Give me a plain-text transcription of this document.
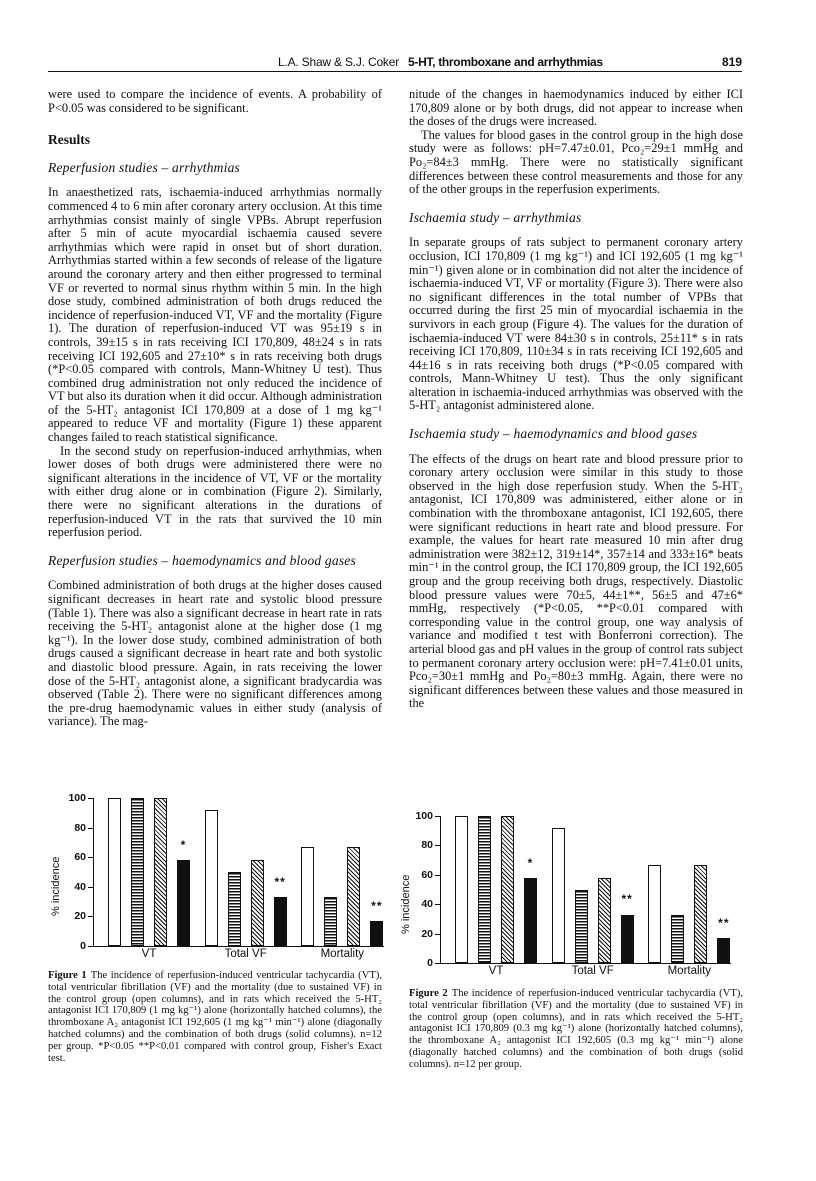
L.A. Shaw & S.J. Coker 5-HT, thromboxane and arrhythmias	819

were used to compare the incidence of events. A probability of P<0.05 was considered to be significant.

Results
Reperfusion studies – arrhythmias

In anaesthetized rats, ischaemia-induced arrhythmias normally commenced 4 to 6 min after coronary artery occlusion. At this time arrhythmias consist mainly of single VPBs. Abrupt reperfusion after 5 min of acute myocardial ischaemia caused severe arrhythmias which were rapid in onset but of short duration. Arrhythmias started within a few seconds of release of the ligature around the coronary artery and then either progressed to terminal VF or reverted to normal sinus rhythm within 5 min. In the high dose study, combined administration of both drugs reduced the incidence of reperfusion-induced VT, VF and the mortality (Figure 1). The duration of reperfusion-induced VT was 95±19 s in controls, 39±15 s in rats receiving ICI 170,809, 48±24 s in rats receiving ICI 192,605 and 27±10* s in rats receiving both drugs (*P<0.05 compared with controls, Mann-Whitney U test). Thus combined drug administration not only reduced the incidence of VT but also its duration when it did occur. Although administration of the 5-HT₂ antagonist ICI 170,809 at a dose of 1 mg kg⁻¹ appeared to reduce VF and mortality (Figure 1) these apparent changes failed to reach statistical significance.

In the second study on reperfusion-induced arrhythmias, when lower doses of both drugs were administered there were no significant alterations in the incidence of VT, VF or the mortality with either drug alone or in combination (Figure 2). Similarly, there were no significant alterations in the durations of reperfusion-induced VT in the rats that survived the 10 min reperfusion period.

Reperfusion studies – haemodynamics and blood gases

Combined administration of both drugs at the higher doses caused significant decreases in heart rate and systolic blood pressure (Table 1). There was also a significant decrease in heart rate in rats receiving the 5-HT₂ antagonist alone at the higher dose (1 mg kg⁻¹). In the lower dose study, combined administration of both drugs caused a significant decrease in heart rate and both systolic and diastolic blood pressure. Again, in rats receiving the lower dose of the 5-HT₂ antagonist alone, a significant bradycardia was observed (Table 2). There were no significant differences among the pre-drug haemodynamic values in either study (analysis of variance). The mag-

nitude of the changes in haemodynamics induced by either ICI 170,809 alone or by both drugs, did not appear to increase when the doses of the drugs were increased.

The values for blood gases in the control group in the high dose study were as follows: pH=7.47±0.01, Pco₂=29±1 mmHg and Po₂=84±3 mmHg. There were no statistically significant differences between these control measurements and those for any of the other groups in the reperfusion experiments.

Ischaemia study – arrhythmias

In separate groups of rats subject to permanent coronary artery occlusion, ICI 170,809 (1 mg kg⁻¹) and ICI 192,605 (1 mg kg⁻¹ min⁻¹) given alone or in combination did not alter the incidence of ischaemia-induced VT, VF or mortality (Figure 3). There were also no significant differences in the total number of VPBs that occurred during the first 25 min of myocardial ischaemia in the survivors in each group (Figure 4). The values for the duration of ischaemia-induced VT were 84±30 s in controls, 25±11* s in rats receiving ICI 170,809, 110±34 s in rats receiving ICI 192,605 and 44±16 s in rats receiving both drugs (*P<0.05 compared with controls, Mann-Whitney U test). Thus the only significant alteration in ischaemia-induced arrhythmias was observed with the 5-HT₂ antagonist administered alone.

Ischaemia study – haemodynamics and blood gases

The effects of the drugs on heart rate and blood pressure prior to coronary artery occlusion were similar in this study to those observed in the high dose reperfusion study. When the 5-HT₂ antagonist, ICI 170,809 was administered, either alone or in combination with the thromboxane antagonist, ICI 192,605, there were significant reductions in heart rate and blood pressure. For example, the values for heart rate measured 10 min after drug administration were 382±12, 319±14*, 357±14 and 333±16* beats min⁻¹ in the control group, the ICI 170,809 group, the ICI 192,605 group and the group receiving both drugs, respectively. Diastolic blood pressure values were 70±5, 44±1**, 56±5 and 47±6* mmHg, respectively (*P<0.05, **P<0.01 compared with corresponding value in the control group, one way analysis of variance and modified t test with Bonferroni correction). The arterial blood gas and pH values in the group of control rats subject to permanent coronary artery occlusion were: pH=7.41±0.01 units, Pco₂=30±1 mmHg and Po₂=80±3 mmHg. Again, there were no significant differences between these values and those measured in the

% incidence
0
20
40
60
80
100
*
VT
**
Total VF
**
Mortality
% incidence
0
20
40
60
80
100
*
VT
**
Total VF
**
Mortality
Figure 1 The incidence of reperfusion-induced ventricular tachycardia (VT), total ventricular fibrillation (VF) and the mortality (due to sustained VF) in the control group (open columns), and in rats which received the 5-HT₂ antagonist ICI 170,809 (1 mg kg⁻¹) alone (horizontally hatched columns), the thromboxane A₂ antagonist ICI 192,605 (1 mg kg⁻¹ min⁻¹) alone (diagonally hatched columns) and the combination of both drugs (solid columns). n=12 per group. *P<0.05 **P<0.01 compared with control group, Fisher's Exact test.
Figure 2 The incidence of reperfusion-induced ventricular tachycardia (VT), total ventricular fibrillation (VF) and the mortality (due to sustained VF) in the control group (open columns), and in rats which received the 5-HT₂ antagonist ICI 170,809 (0.3 mg kg⁻¹) alone (horizontally hatched columns), the thromboxane A₂ antagonist ICI 192,605 (0.3 mg kg⁻¹ min⁻¹) alone (diagonally hatched columns) and the combination of both drugs (solid columns). n=12 per group.
